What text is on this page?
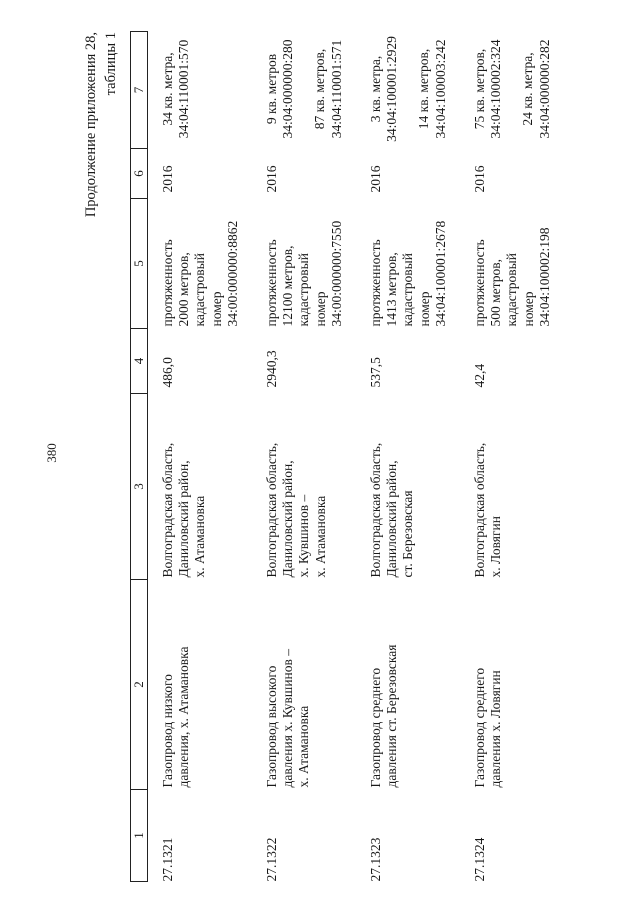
380
Продолжение приложения 28, таблицы 1
1	2	3	4	5	6	7
27.1321	Газопровод низкого давления, х. Атамановка	Волгоградская область, Даниловский район, х. Атамановка	486,0	протяженность 2000 метров, кадастровый номер 34:00:000000:8862	2016	34 кв. метра, 34:04:110001:570

27.1322	Газопровод высокого давления х. Кувшинов – х. Атамановка	Волгоградская область, Даниловский район, х. Кувшинов – х. Атамановка	2940,3	протяженность 12100 метров, кадастровый номер 34:00:000000:7550	2016	9 кв. метров 34:04:000000:280 87 кв. метров, 34:04:110001:571

27.1323	Газопровод среднего давления ст. Березовская	Волгоградская область, Даниловский район, ст. Березовская	537,5	протяженность 1413 метров, кадастровый номер 34:04:100001:2678	2016	3 кв. метра, 34:04:100001:2929 14 кв. метров, 34:04:100003:242

27.1324	Газопровод среднего давления х. Ловягин	Волгоградская область, х. Ловягин	42,4	протяженность 500 метров, кадастровый номер 34:04:100002:198	2016	75 кв. метров, 34:04:100002:324 24 кв. метра, 34:04:000000:282
